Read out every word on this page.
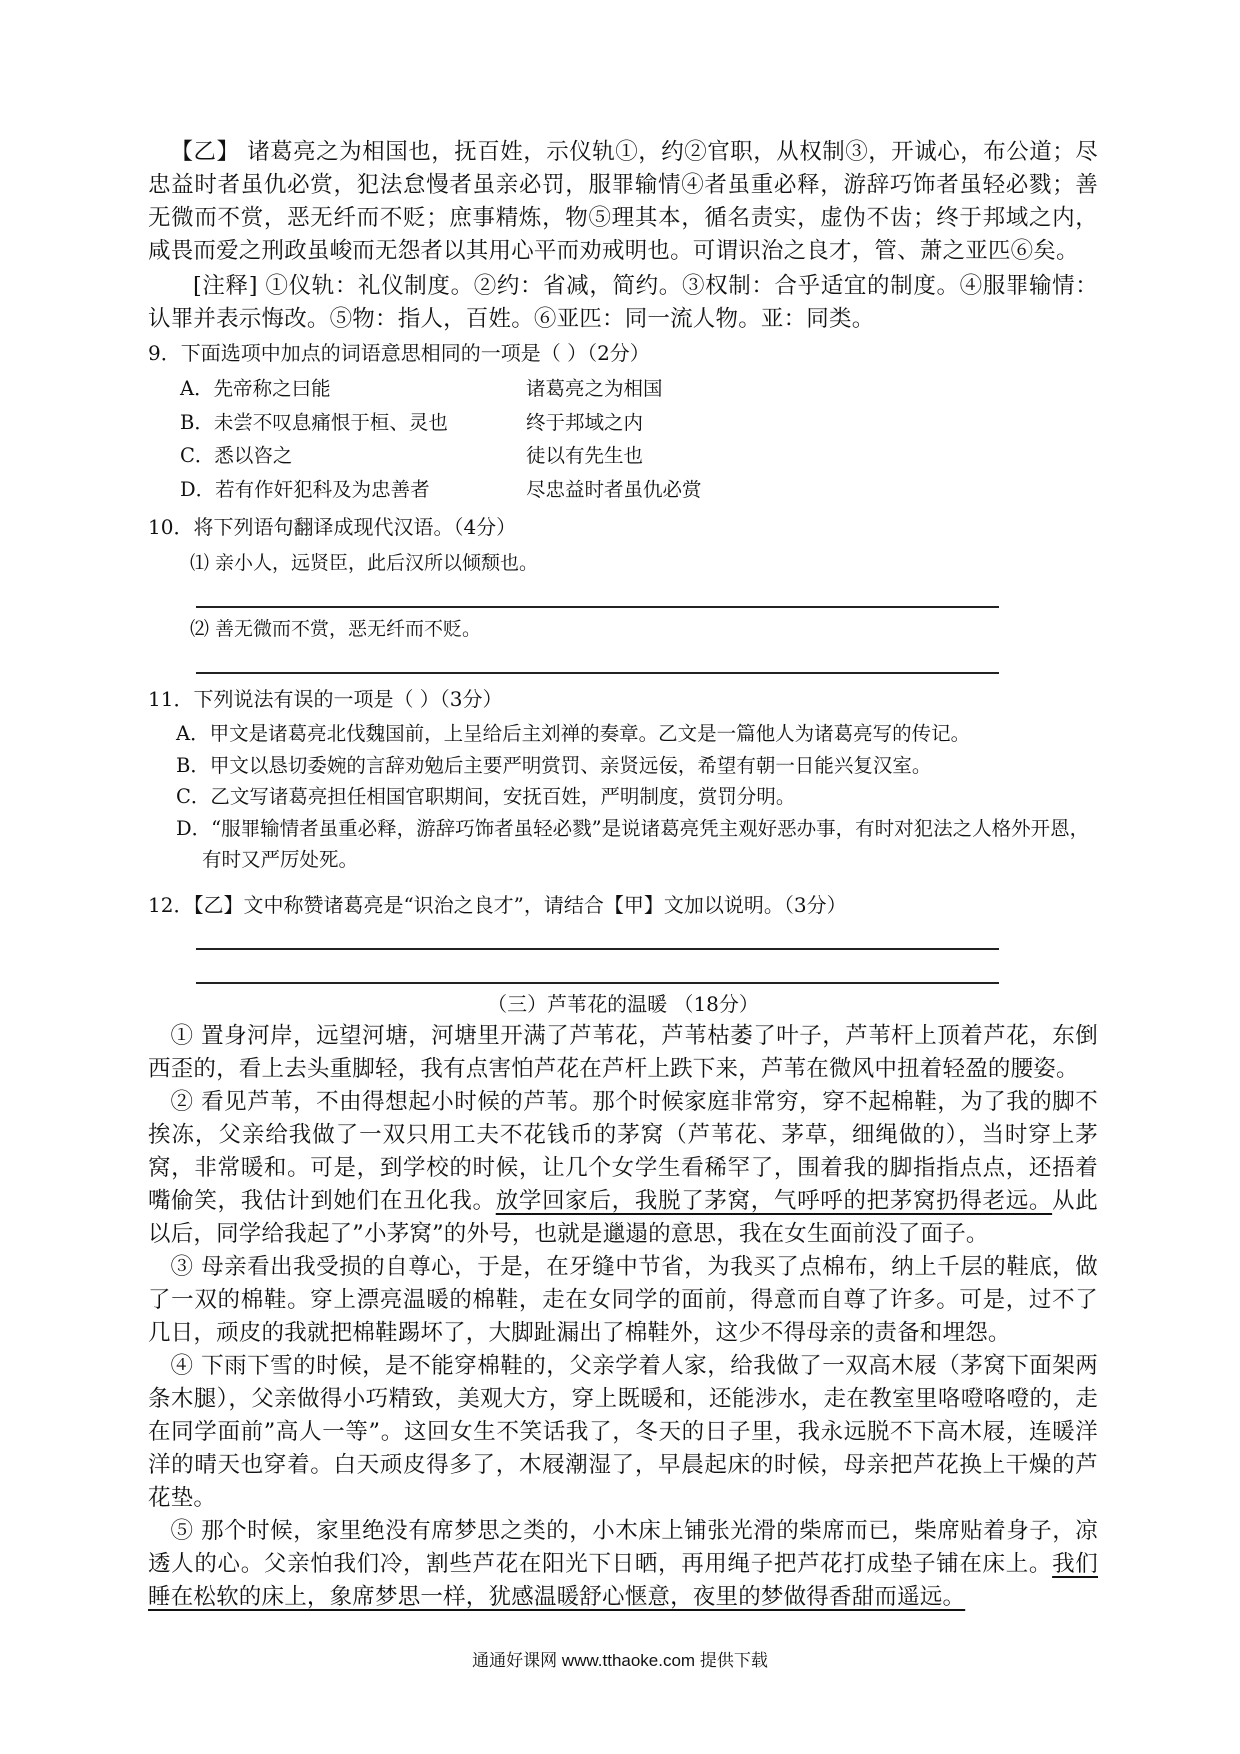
【乙】 诸葛亮之为相国也，抚百姓，示仪轨①，约②官职，从权制③，开诚心，布公道；尽忠益时者虽仇必赏，犯法怠慢者虽亲必罚，服罪输情④者虽重必释，游辞巧饰者虽轻必戮；善无微而不赏，恶无纤而不贬；庶事精炼，物⑤理其本，循名责实，虚伪不齿；终于邦域之内，咸畏而爱之刑政虽峻而无怨者以其用心平而劝戒明也。可谓识治之良才，管、萧之亚匹⑥矣。

[注释] ①仪轨：礼仪制度。②约：省减，简约。③权制：合乎适宜的制度。④服罪输情：认罪并表示悔改。⑤物：指人，百姓。⑥亚匹：同一流人物。亚：同类。

9．下面选项中加点的词语意思相同的一项是（ ）（2分）

A．先帝称之曰能	诸葛亮之为相国
B．未尝不叹息痛恨于桓、灵也	终于邦域之内
C．悉以咨之	徒以有先生也
D．若有作奸犯科及为忠善者	尽忠益时者虽仇必赏

10．将下列语句翻译成现代汉语。（4分）

⑴ 亲小人，远贤臣，此后汉所以倾颓也。

⑵ 善无微而不赏，恶无纤而不贬。

11．下列说法有误的一项是（ ）（3分）

A．甲文是诸葛亮北伐魏国前，上呈给后主刘禅的奏章。乙文是一篇他人为诸葛亮写的传记。

B．甲文以恳切委婉的言辞劝勉后主要严明赏罚、亲贤远佞，希望有朝一日能兴复汉室。

C．乙文写诸葛亮担任相国官职期间，安抚百姓，严明制度，赏罚分明。

D．“服罪输情者虽重必释，游辞巧饰者虽轻必戮”是说诸葛亮凭主观好恶办事，有时对犯法之人格外开恩，有时又严厉处死。

12．【乙】文中称赞诸葛亮是“识治之良才”，请结合【甲】文加以说明。（3分）

（三）芦苇花的温暖 （18分）

① 置身河岸，远望河塘，河塘里开满了芦苇花，芦苇枯萎了叶子，芦苇杆上顶着芦花，东倒西歪的，看上去头重脚轻，我有点害怕芦花在芦杆上跌下来，芦苇在微风中扭着轻盈的腰姿。

② 看见芦苇，不由得想起小时候的芦苇。那个时候家庭非常穷，穿不起棉鞋，为了我的脚不挨冻，父亲给我做了一双只用工夫不花钱币的茅窝（芦苇花、茅草，细绳做的），当时穿上茅窝，非常暖和。可是，到学校的时候，让几个女学生看稀罕了，围着我的脚指指点点，还捂着嘴偷笑，我估计到她们在丑化我。放学回家后，我脱了茅窝，气呼呼的把茅窝扔得老远。从此以后，同学给我起了”小茅窝”的外号，也就是邋遢的意思，我在女生面前没了面子。

③ 母亲看出我受损的自尊心，于是，在牙缝中节省，为我买了点棉布，纳上千层的鞋底，做了一双的棉鞋。穿上漂亮温暖的棉鞋，走在女同学的面前，得意而自尊了许多。可是，过不了几日，顽皮的我就把棉鞋踢坏了，大脚趾漏出了棉鞋外，这少不得母亲的责备和埋怨。

④ 下雨下雪的时候，是不能穿棉鞋的，父亲学着人家，给我做了一双高木屐（茅窝下面架两条木腿），父亲做得小巧精致，美观大方，穿上既暖和，还能涉水，走在教室里咯噔咯噔的，走在同学面前”高人一等”。这回女生不笑话我了，冬天的日子里，我永远脱不下高木屐，连暖洋洋的晴天也穿着。白天顽皮得多了，木屐潮湿了，早晨起床的时候，母亲把芦花换上干燥的芦花垫。

⑤ 那个时候，家里绝没有席梦思之类的，小木床上铺张光滑的柴席而已，柴席贴着身子，凉透人的心。父亲怕我们冷，割些芦花在阳光下日晒，再用绳子把芦花打成垫子铺在床上。我们睡在松软的床上，象席梦思一样，犹感温暖舒心惬意，夜里的梦做得香甜而遥远。

通通好课网 www.tthaoke.com 提供下载
